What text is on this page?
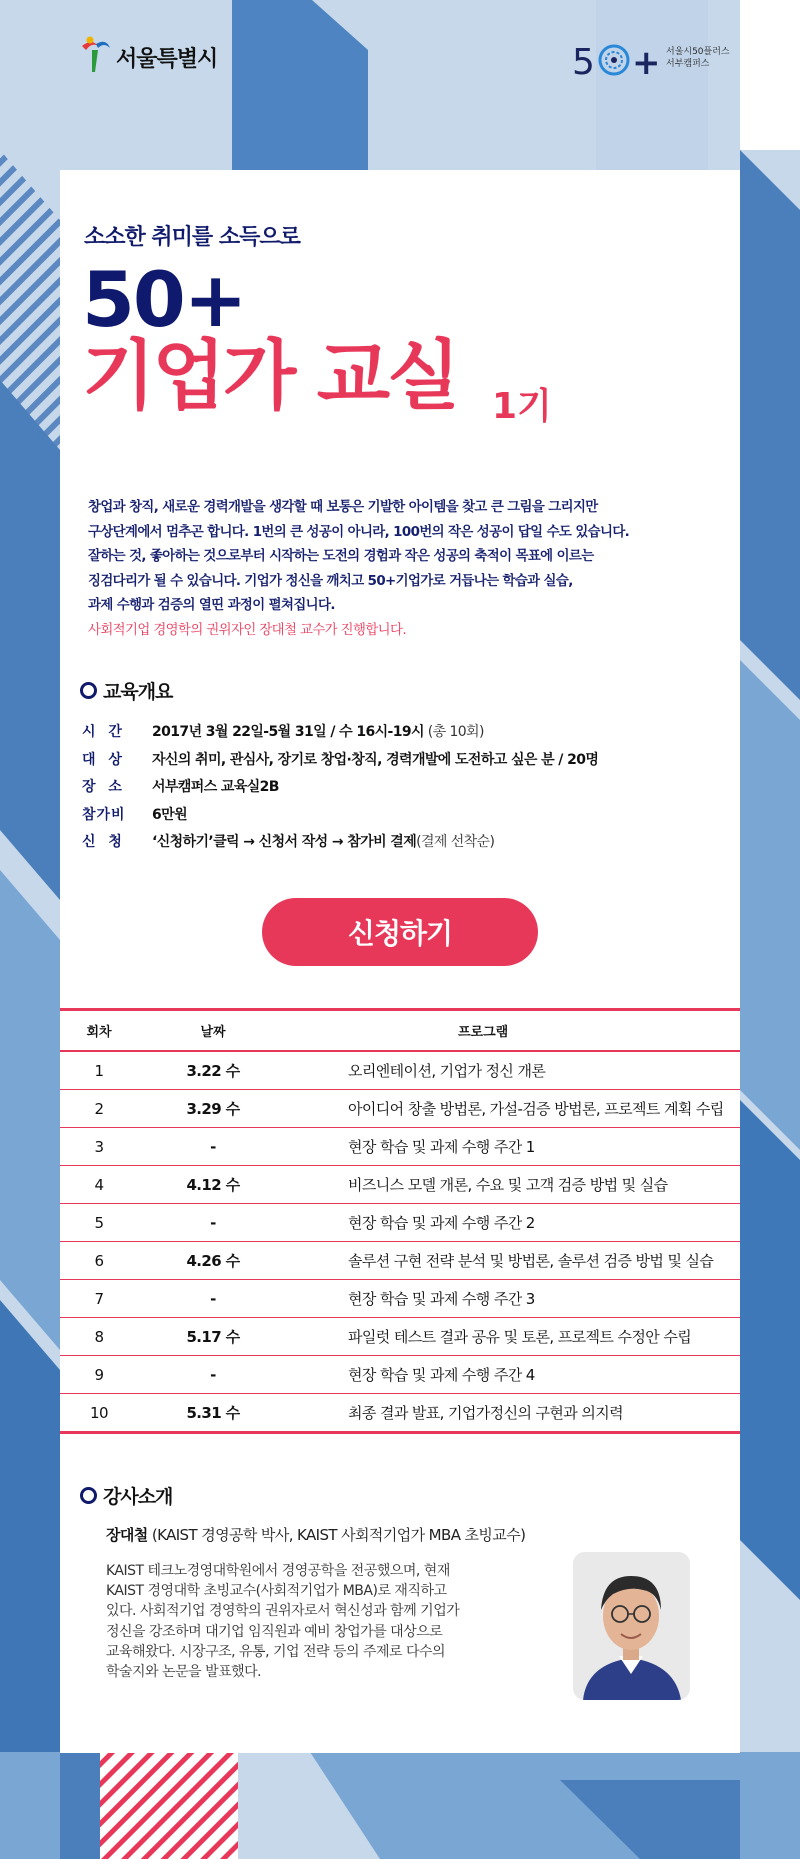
서울특별시	5 + 서울시50플러스
서부캠퍼스
소소한 취미를 소득으로
50+
기업가 교실 1기
창업과 창직, 새로운 경력개발을 생각할 때 보통은 기발한 아이템을 찾고 큰 그림을 그리지만
구상단계에서 멈추곤 합니다. 1번의 큰 성공이 아니라, 100번의 작은 성공이 답일 수도 있습니다.
잘하는 것, 좋아하는 것으로부터 시작하는 도전의 경험과 작은 성공의 축적이 목표에 이르는
징검다리가 될 수 있습니다. 기업가 정신을 깨치고 50+기업가로 거듭나는 학습과 실습,
과제 수행과 검증의 열띤 과정이 펼쳐집니다.
사회적기업 경영학의 권위자인 장대철 교수가 진행합니다.
교육개요
시 간	2017년 3월 22일-5월 31일 / 수 16시-19시 (총 10회)
대 상	자신의 취미, 관심사, 장기로 창업·창직, 경력개발에 도전하고 싶은 분 / 20명
장 소	서부캠퍼스 교육실2B
참가비	6만원
신 청	‘신청하기’클릭 → 신청서 작성 → 참가비 결제(결제 선착순)
신청하기
회차	날짜	프로그램
1	3.22 수	오리엔테이션, 기업가 정신 개론
2	3.29 수	아이디어 창출 방법론, 가설-검증 방법론, 프로젝트 계획 수립
3	-	현장 학습 및 과제 수행 주간 1
4	4.12 수	비즈니스 모델 개론, 수요 및 고객 검증 방법 및 실습
5	-	현장 학습 및 과제 수행 주간 2
6	4.26 수	솔루션 구현 전략 분석 및 방법론, 솔루션 검증 방법 및 실습
7	-	현장 학습 및 과제 수행 주간 3
8	5.17 수	파일럿 테스트 결과 공유 및 토론, 프로젝트 수정안 수립
9	-	현장 학습 및 과제 수행 주간 4
10	5.31 수	최종 결과 발표, 기업가정신의 구현과 의지력
강사소개
장대철 (KAIST 경영공학 박사, KAIST 사회적기업가 MBA 초빙교수)
KAIST 테크노경영대학원에서 경영공학을 전공했으며, 현재
KAIST 경영대학 초빙교수(사회적기업가 MBA)로 재직하고
있다. 사회적기업 경영학의 권위자로서 혁신성과 함께 기업가
정신을 강조하며 대기업 임직원과 예비 창업가를 대상으로
교육해왔다. 시장구조, 유통, 기업 전략 등의 주제로 다수의
학술지와 논문을 발표했다.
